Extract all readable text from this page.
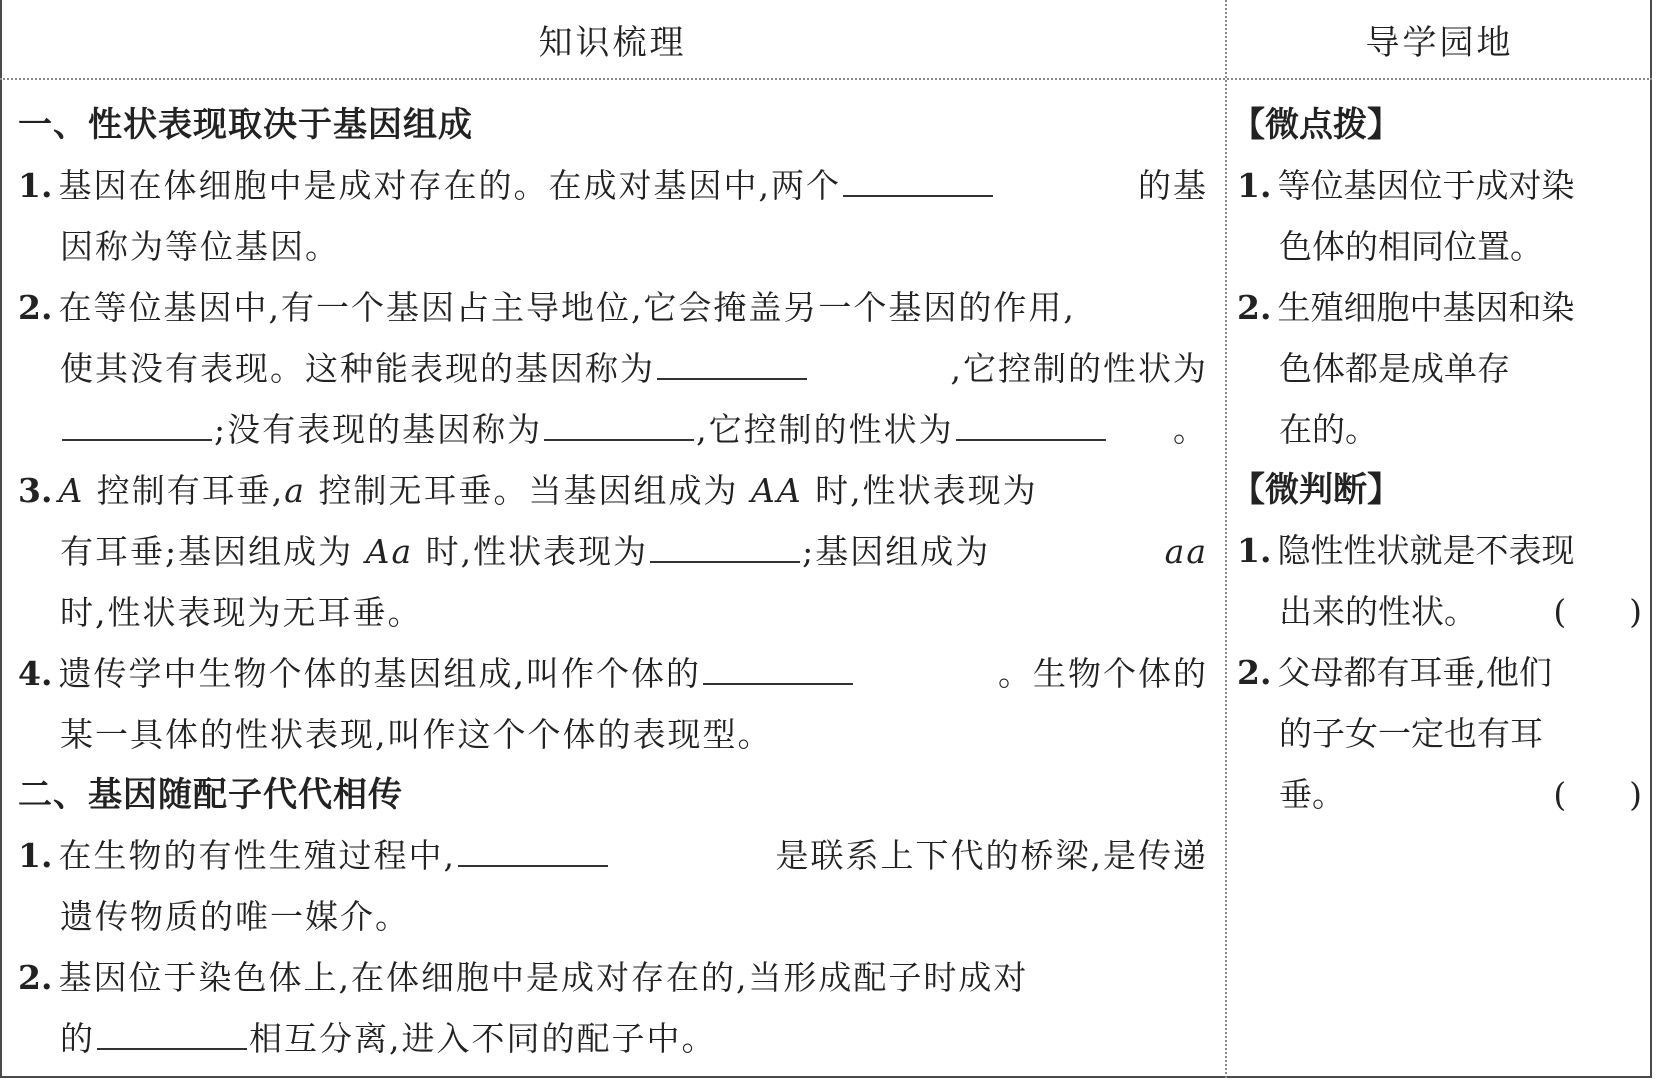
知识梳理	导学园地
一、性状表现取决于基因组成
1. 基因在体细胞中是成对存在的。在成对基因中,两个	的基
因称为等位基因。
2. 在等位基因中,有一个基因占主导地位,它会掩盖另一个基因的作用,
使其没有表现。这种能表现的基因称为	,它控制的性状为
;没有表现的基因称为	,它控制的性状为	。
3. A 控制有耳垂,a 控制无耳垂。当基因组成为 AA 时,性状表现为
有耳垂;基因组成为 Aa 时,性状表现为	;基因组成为	aa
时,性状表现为无耳垂。
4. 遗传学中生物个体的基因组成,叫作个体的	。生物个体的
某一具体的性状表现,叫作这个个体的表现型。
二、基因随配子代代相传
1. 在生物的有性生殖过程中,	是联系上下代的桥梁,是传递
遗传物质的唯一媒介。
2. 基因位于染色体上,在体细胞中是成对存在的,当形成配子时成对
的	相互分离,进入不同的配子中。
【微点拨】
1. 等位基因位于成对染
色体的相同位置。
2. 生殖细胞中基因和染
色体都是成单存
在的。
【微判断】
1. 隐性性状就是不表现
出来的性状。 (      )
2. 父母都有耳垂,他们
的子女一定也有耳
垂。	(      )
